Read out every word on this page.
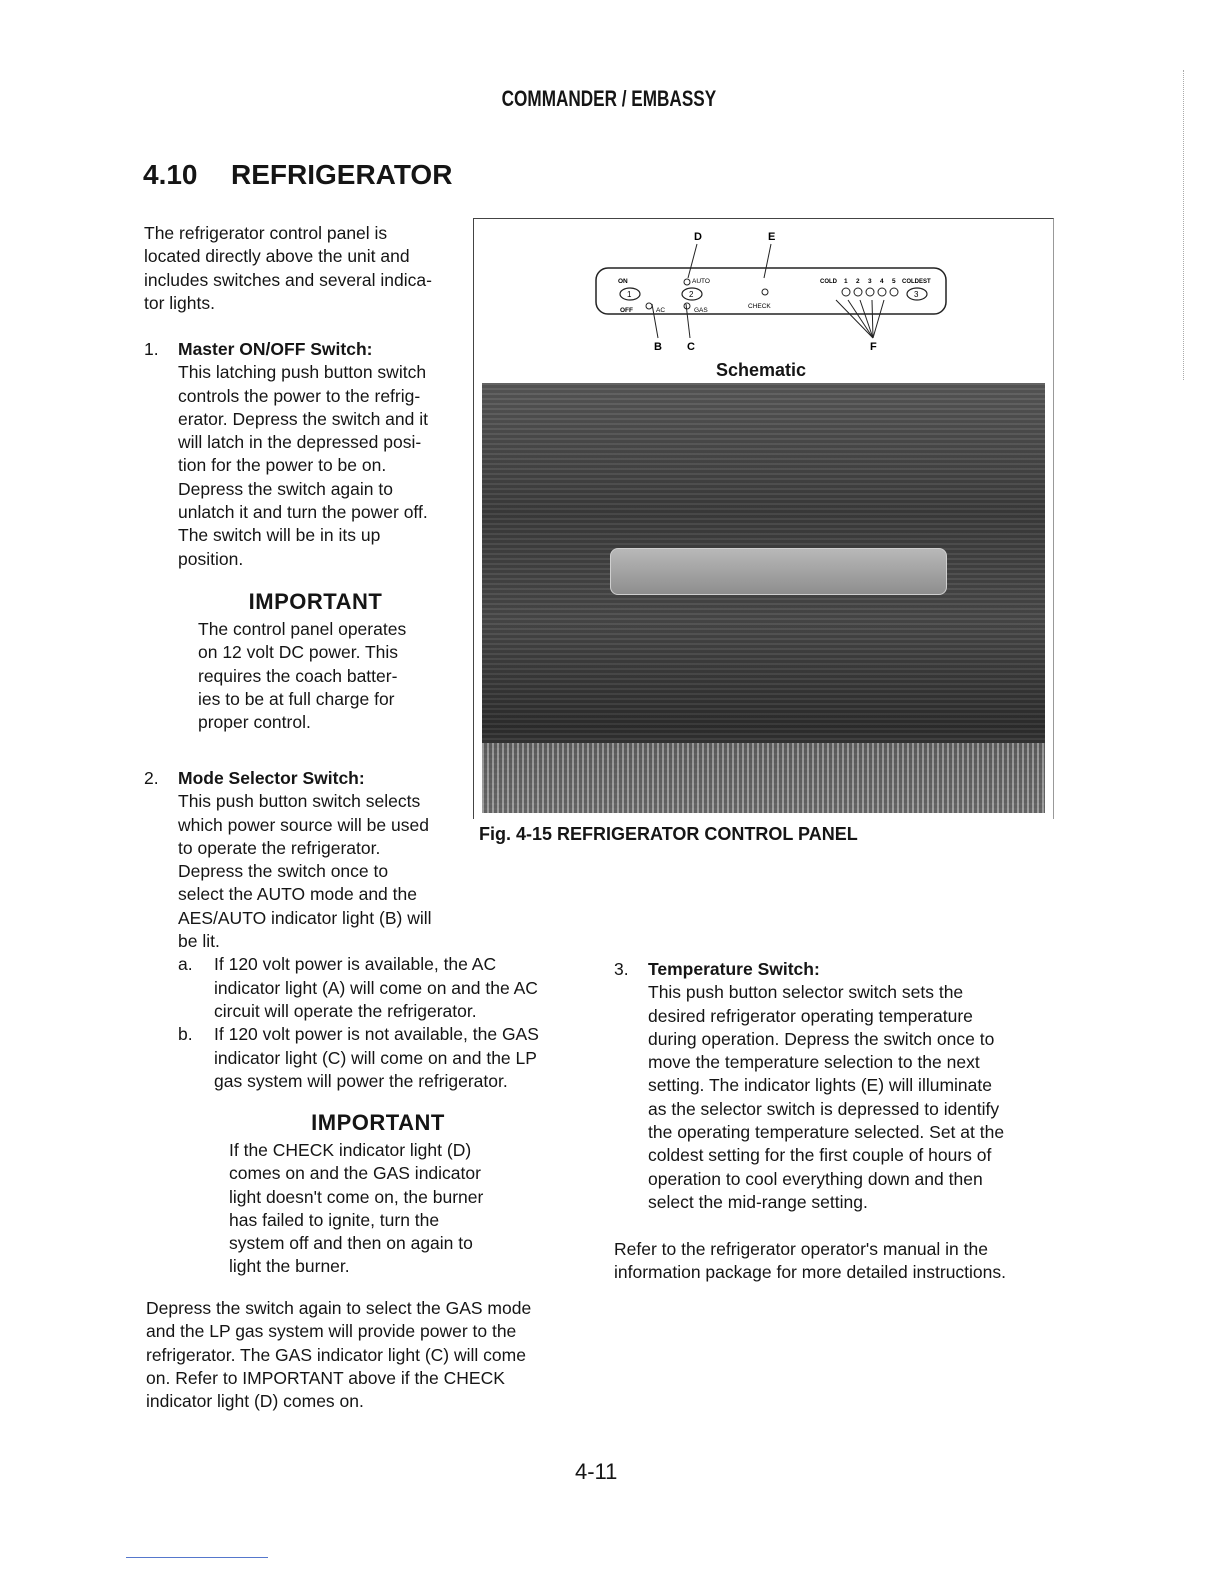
COMMANDER / EMBASSY
4.10 REFRIGERATOR
The refrigerator control panel is
located directly above the unit and
includes switches and several indica-
tor lights.
1. Master ON/OFF Switch:
This latching push button switch
controls the power to the refrig-
erator. Depress the switch and it
will latch in the depressed posi-
tion for the power to be on.
Depress the switch again to
unlatch it and turn the power off.
The switch will be in its up
position.
IMPORTANT
The control panel operates
on 12 volt DC power. This
requires the coach batter-
ies to be at full charge for
proper control.
2. Mode Selector Switch:
This push button switch selects
which power source will be used
to operate the refrigerator.
Depress the switch once to
select the AUTO mode and the
AES/AUTO indicator light (B) will
be lit.
a. If 120 volt power is available, the AC
indicator light (A) will come on and the AC
circuit will operate the refrigerator.
b. If 120 volt power is not available, the GAS
indicator light (C) will come on and the LP
gas system will power the refrigerator.
IMPORTANT
If the CHECK indicator light (D)
comes on and the GAS indicator
light doesn't come on, the burner
has failed to ignite, turn the
system off and then on again to
light the burner.
Depress the switch again to select the GAS mode
and the LP gas system will provide power to the
refrigerator. The GAS indicator light (C) will come
on. Refer to IMPORTANT above if the CHECK
indicator light (D) comes on.
D	E
B C	F
ON
OFF
AUTO
AC	GAS
CHECK
COLD 1 2 3 4 5 COLDEST
1	2	3
Schematic
Fig. 4-15 REFRIGERATOR CONTROL PANEL
3. Temperature Switch:
This push button selector switch sets the
desired refrigerator operating temperature
during operation. Depress the switch once to
move the temperature selection to the next
setting. The indicator lights (E) will illuminate
as the selector switch is depressed to identify
the operating temperature selected. Set at the
coldest setting for the first couple of hours of
operation to cool everything down and then
select the mid-range setting.
Refer to the refrigerator operator's manual in the
information package for more detailed instructions.
4-11
